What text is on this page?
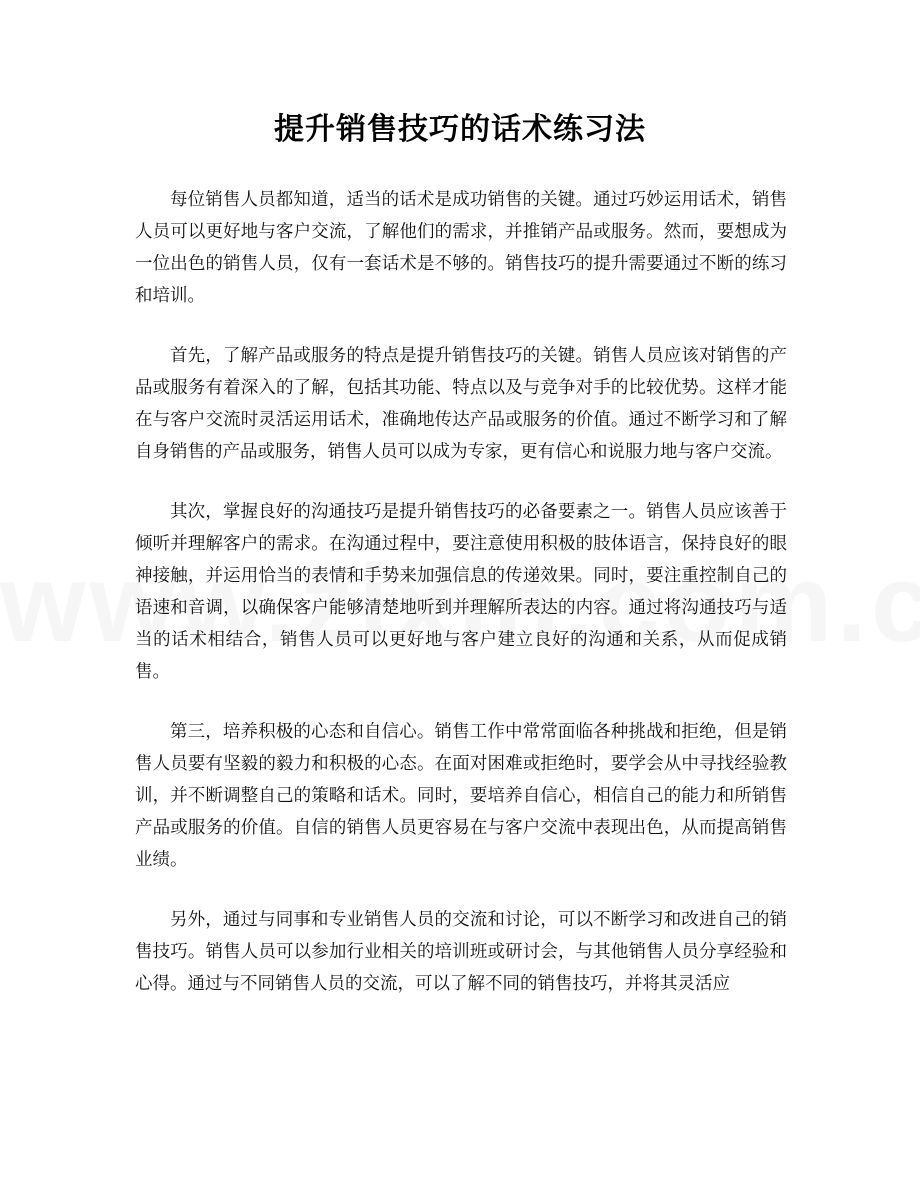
提升销售技巧的话术练习法

每位销售人员都知道，适当的话术是成功销售的关键。通过巧妙运用话术，销售人员可以更好地与客户交流，了解他们的需求，并推销产品或服务。然而，要想成为一位出色的销售人员，仅有一套话术是不够的。销售技巧的提升需要通过不断的练习和培训。

首先，了解产品或服务的特点是提升销售技巧的关键。销售人员应该对销售的产品或服务有着深入的了解，包括其功能、特点以及与竞争对手的比较优势。这样才能在与客户交流时灵活运用话术，准确地传达产品或服务的价值。通过不断学习和了解自身销售的产品或服务，销售人员可以成为专家，更有信心和说服力地与客户交流。

其次，掌握良好的沟通技巧是提升销售技巧的必备要素之一。销售人员应该善于倾听并理解客户的需求。在沟通过程中，要注意使用积极的肢体语言，保持良好的眼神接触，并运用恰当的表情和手势来加强信息的传递效果。同时，要注重控制自己的语速和音调，以确保客户能够清楚地听到并理解所表达的内容。通过将沟通技巧与适当的话术相结合，销售人员可以更好地与客户建立良好的沟通和关系，从而促成销售。

第三，培养积极的心态和自信心。销售工作中常常面临各种挑战和拒绝，但是销售人员要有坚毅的毅力和积极的心态。在面对困难或拒绝时，要学会从中寻找经验教训，并不断调整自己的策略和话术。同时，要培养自信心，相信自己的能力和所销售产品或服务的价值。自信的销售人员更容易在与客户交流中表现出色，从而提高销售业绩。

另外，通过与同事和专业销售人员的交流和讨论，可以不断学习和改进自己的销售技巧。销售人员可以参加行业相关的培训班或研讨会，与其他销售人员分享经验和心得。通过与不同销售人员的交流，可以了解不同的销售技巧，并将其灵活应
